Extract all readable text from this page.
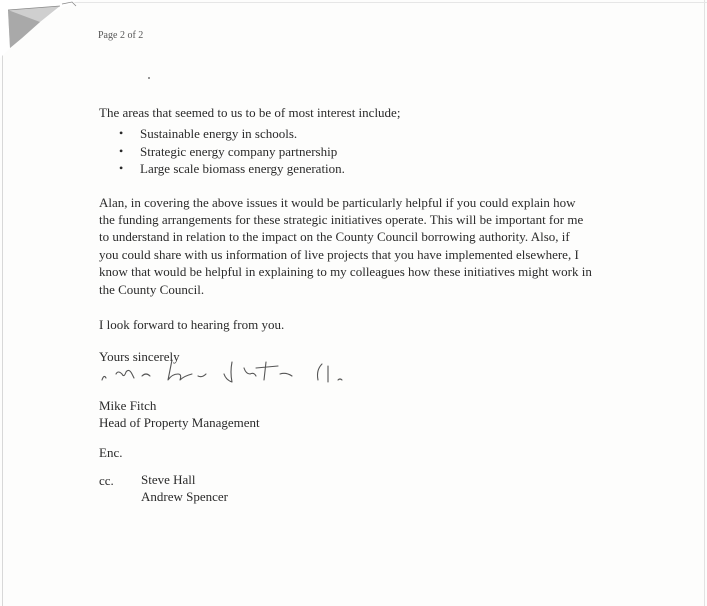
Page 2 of 2

The areas that seemed to us to be of most interest include;

• Sustainable energy in schools.
• Strategic energy company partnership
• Large scale biomass energy generation.

Alan, in covering the above issues it would be particularly helpful if you could explain how
the funding arrangements for these strategic initiatives operate. This will be important for me
to understand in relation to the impact on the County Council borrowing authority. Also, if
you could share with us information of live projects that you have implemented elsewhere, I
know that would be helpful in explaining to my colleagues how these initiatives might work in
the County Council.

I look forward to hearing from you.

Yours sincerely

Mike Fitch
Head of Property Management
Enc.
cc. Steve Hall
Andrew Spencer
